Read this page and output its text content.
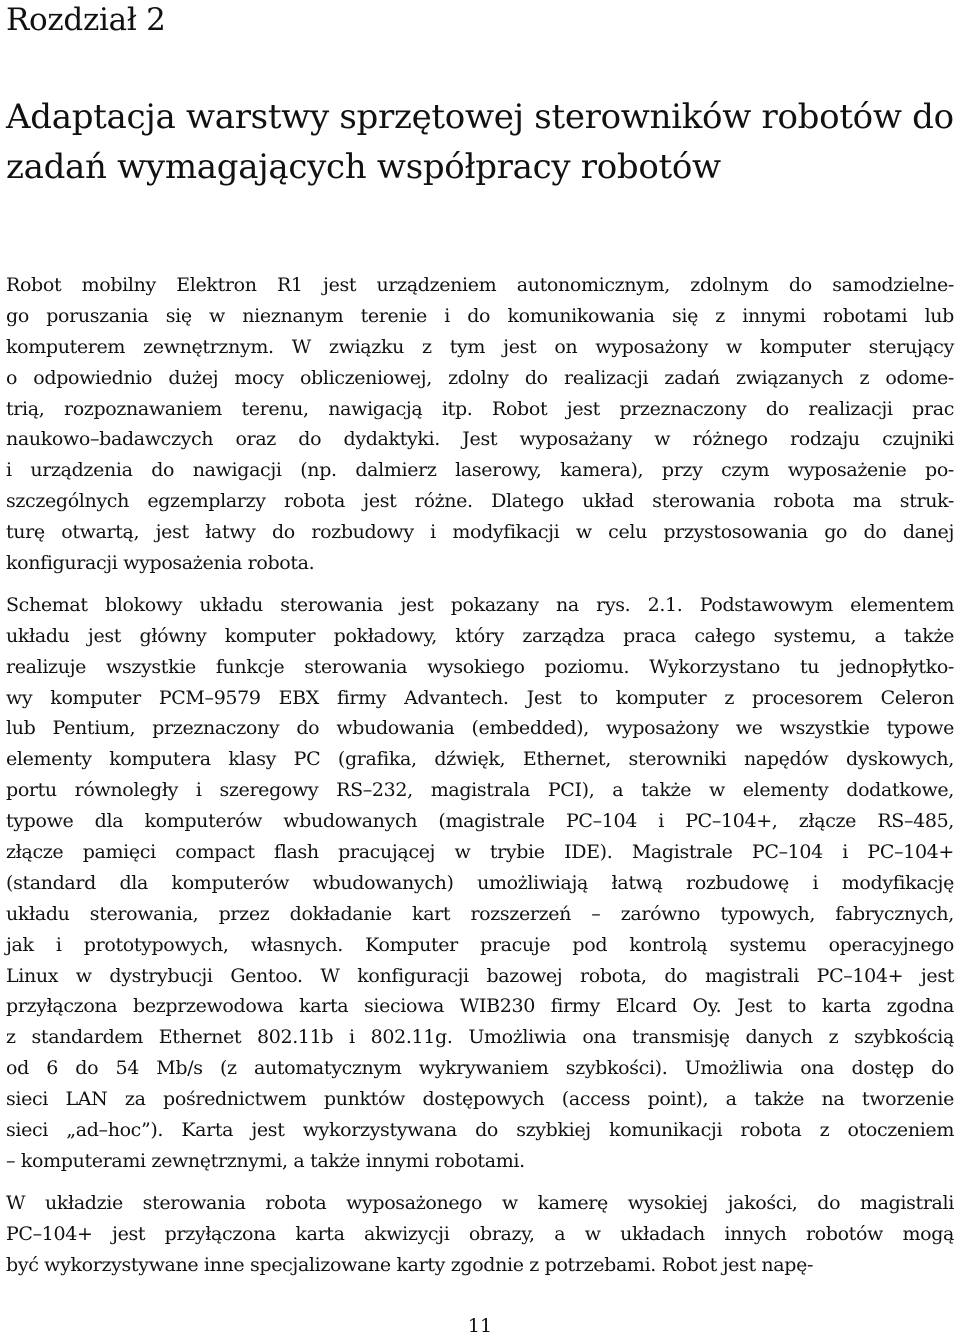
Rozdział 2
Adaptacja warstwy sprzętowej sterowników robotów do
zadań wymagających współpracy robotów

Robot mobilny Elektron R1 jest urządzeniem autonomicznym, zdolnym do samodzielne-
go poruszania się w nieznanym terenie i do komunikowania się z innymi robotami lub
komputerem zewnętrznym. W związku z tym jest on wyposażony w komputer sterujący
o odpowiednio dużej mocy obliczeniowej, zdolny do realizacji zadań związanych z odome-
trią, rozpoznawaniem terenu, nawigacją itp. Robot jest przeznaczony do realizacji prac
naukowo–badawczych oraz do dydaktyki. Jest wyposażany w różnego rodzaju czujniki
i urządzenia do nawigacji (np. dalmierz laserowy, kamera), przy czym wyposażenie po-
szczególnych egzemplarzy robota jest różne. Dlatego układ sterowania robota ma struk-
turę otwartą, jest łatwy do rozbudowy i modyfikacji w celu przystosowania go do danej
konfiguracji wyposażenia robota.

Schemat blokowy układu sterowania jest pokazany na rys. 2.1. Podstawowym elementem
układu jest główny komputer pokładowy, który zarządza praca całego systemu, a także
realizuje wszystkie funkcje sterowania wysokiego poziomu. Wykorzystano tu jednopłytko-
wy komputer PCM–9579 EBX firmy Advantech. Jest to komputer z procesorem Celeron
lub Pentium, przeznaczony do wbudowania (embedded), wyposażony we wszystkie typowe
elementy komputera klasy PC (grafika, dźwięk, Ethernet, sterowniki napędów dyskowych,
portu równoległy i szeregowy RS–232, magistrala PCI), a także w elementy dodatkowe,
typowe dla komputerów wbudowanych (magistrale PC–104 i PC–104+, złącze RS–485,
złącze pamięci compact flash pracującej w trybie IDE). Magistrale PC–104 i PC–104+
(standard dla komputerów wbudowanych) umożliwiają łatwą rozbudowę i modyfikację
układu sterowania, przez dokładanie kart rozszerzeń – zarówno typowych, fabrycznych,
jak i prototypowych, własnych. Komputer pracuje pod kontrolą systemu operacyjnego
Linux w dystrybucji Gentoo. W konfiguracji bazowej robota, do magistrali PC–104+ jest
przyłączona bezprzewodowa karta sieciowa WIB230 firmy Elcard Oy. Jest to karta zgodna
z standardem Ethernet 802.11b i 802.11g. Umożliwia ona transmisję danych z szybkością
od 6 do 54 Mb/s (z automatycznym wykrywaniem szybkości). Umożliwia ona dostęp do
sieci LAN za pośrednictwem punktów dostępowych (access point), a także na tworzenie
sieci „ad–hoc”). Karta jest wykorzystywana do szybkiej komunikacji robota z otoczeniem
– komputerami zewnętrznymi, a także innymi robotami.

W układzie sterowania robota wyposażonego w kamerę wysokiej jakości, do magistrali
PC–104+ jest przyłączona karta akwizycji obrazy, a w układach innych robotów mogą
być wykorzystywane inne specjalizowane karty zgodnie z potrzebami. Robot jest napę-

11
